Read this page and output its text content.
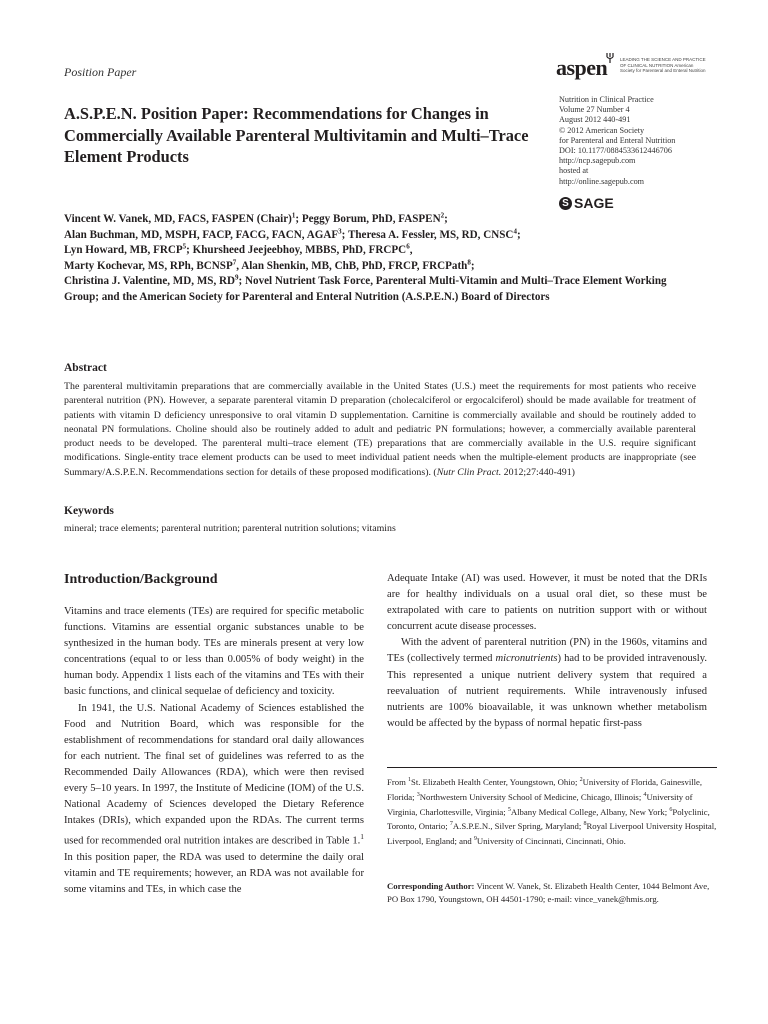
Position Paper	aspen	LEADING THE SCIENCE AND PRACTICE OF CLINICAL NUTRITION American Society for Parenteral and Enteral Nutrition
A.S.P.E.N. Position Paper: Recommendations for Changes in Commercially Available Parenteral Multivitamin and Multi–Trace Element Products
Nutrition in Clinical Practice
Volume 27 Number 4
August 2012 440-491
© 2012 American Society
for Parenteral and Enteral Nutrition
DOI: 10.1177/0884533612446706
http://ncp.sagepub.com
hosted at
http://online.sagepub.com
S SAGE
Vincent W. Vanek, MD, FACS, FASPEN (Chair)$^1$; Peggy Borum, PhD, FASPEN$^2$;
Alan Buchman, MD, MSPH, FACP, FACG, FACN, AGAF$^3$; Theresa A. Fessler, MS, RD, CNSC$^4$;
Lyn Howard, MB, FRCP$^5$; Khursheed Jeejeebhoy, MBBS, PhD, FRCPC$^6$,
Marty Kochevar, MS, RPh, BCNSP$^7$, Alan Shenkin, MB, ChB, PhD, FRCP, FRCPath$^8$;
Christina J. Valentine, MD, MS, $RD^9$; Novel Nutrient Task Force, Parenteral Multi-Vitamin and Multi–Trace Element Working Group; and the American Society for Parenteral and Enteral Nutrition (A.S.P.E.N.) Board of Directors
Abstract
The parenteral multivitamin preparations that are commercially available in the United States (U.S.) meet the requirements for most patients who receive parenteral nutrition (PN). However, a separate parenteral vitamin D preparation (cholecalciferol or ergocalciferol) should be made available for treatment of patients with vitamin D deficiency unresponsive to oral vitamin D supplementation. Carnitine is commercially available and should be routinely added to neonatal PN formulations. Choline should also be routinely added to adult and pediatric PN formulations; however, a commercially available parenteral product needs to be developed. The parenteral multi–trace element (TE) preparations that are commercially available in the U.S. require significant modifications. Single-entity trace element products can be used to meet individual patient needs when the multiple-element products are inappropriate (see Summary/A.S.P.E.N. Recommendations section for details of these proposed modifications). (Nutr Clin Pract. 2012;27:440-491)
Keywords
mineral; trace elements; parenteral nutrition; parenteral nutrition solutions; vitamins
Introduction/Background

Vitamins and trace elements (TEs) are required for specific metabolic functions. Vitamins are essential organic substances unable to be synthesized in the human body. TEs are minerals present at very low concentrations (equal to or less than 0.005% of body weight) in the human body. Appendix 1 lists each of the vitamins and TEs with their basic functions, and clinical sequelae of deficiency and toxicity.

In 1941, the U.S. National Academy of Sciences established the Food and Nutrition Board, which was responsible for the establishment of recommendations for standard oral daily allowances for each nutrient. The final set of guidelines was referred to as the Recommended Daily Allowances (RDA), which were then revised every 5–10 years. In 1997, the Institute of Medicine (IOM) of the U.S. National Academy of Sciences developed the Dietary Reference Intakes (DRIs), which expanded upon the RDAs. The current terms used for recommended oral nutrition intakes are described in Table 1.$^1$ In this position paper, the RDA was used to determine the daily oral vitamin and TE requirements; however, an RDA was not available for some vitamins and TEs, in which case the

Adequate Intake (AI) was used. However, it must be noted that the DRIs are for healthy individuals on a usual oral diet, so these must be extrapolated with care to patients on nutrition support with or without concurrent acute disease processes.

With the advent of parenteral nutrition (PN) in the 1960s, vitamins and TEs (collectively termed micronutrients) had to be provided intravenously. This represented a unique nutrient delivery system that required a reevaluation of nutrient requirements. While intravenously infused nutrients are 100% bioavailable, it was unknown whether metabolism would be affected by the bypass of normal hepatic first-pass

From $^1$St. Elizabeth Health Center, Youngstown, Ohio; $^2$University of Florida, Gainesville, Florida; $^3$Northwestern University School of Medicine, Chicago, Illinois; $^4$University of Virginia, Charlottesville, Virginia; $^5$Albany Medical College, Albany, New York; $^6$Polyclinic, Toronto, Ontario; $^7$A.S.P.E.N., Silver Spring, Maryland; $^8$Royal Liverpool University Hospital, Liverpool, England; and $^9$University of Cincinnati, Cincinnati, Ohio.
Corresponding Author: Vincent W. Vanek, St. Elizabeth Health Center, 1044 Belmont Ave, PO Box 1790, Youngstown, OH 44501-1790; e-mail: vince_vanek@hmis.org.
